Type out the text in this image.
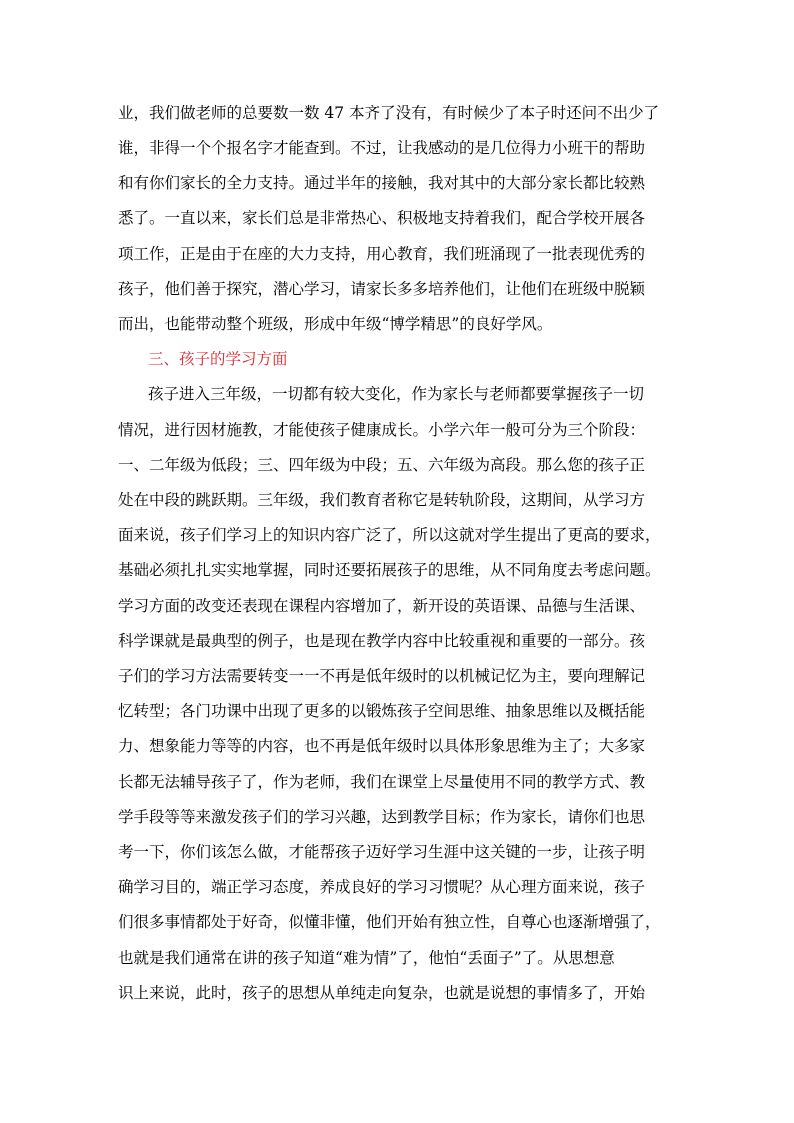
业，我们做老师的总要数一数 47 本齐了没有，有时候少了本子时还问不出少了
谁，非得一个个报名字才能查到。不过，让我感动的是几位得力小班干的帮助
和有你们家长的全力支持。通过半年的接触，我对其中的大部分家长都比较熟
悉了。一直以来，家长们总是非常热心、积极地支持着我们，配合学校开展各
项工作，正是由于在座的大力支持，用心教育，我们班涌现了一批表现优秀的
孩子，他们善于探究，潜心学习，请家长多多培养他们，让他们在班级中脱颖
而出，也能带动整个班级，形成中年级“博学精思”的良好学风。
三、孩子的学习方面
孩子进入三年级，一切都有较大变化，作为家长与老师都要掌握孩子一切
情况，进行因材施教，才能使孩子健康成长。小学六年一般可分为三个阶段：
一、二年级为低段；三、四年级为中段；五、六年级为高段。那么您的孩子正
处在中段的跳跃期。三年级，我们教育者称它是转轨阶段，这期间，从学习方
面来说，孩子们学习上的知识内容广泛了，所以这就对学生提出了更高的要求，
基础必须扎扎实实地掌握，同时还要拓展孩子的思维，从不同角度去考虑问题。
学习方面的改变还表现在课程内容增加了，新开设的英语课、品德与生活课、
科学课就是最典型的例子，也是现在教学内容中比较重视和重要的一部分。孩
子们的学习方法需要转变一一不再是低年级时的以机械记忆为主，要向理解记
忆转型；各门功课中出现了更多的以锻炼孩子空间思维、抽象思维以及概括能
力、想象能力等等的内容，也不再是低年级时以具体形象思维为主了；大多家
长都无法辅导孩子了，作为老师，我们在课堂上尽量使用不同的教学方式、教
学手段等等来激发孩子们的学习兴趣，达到教学目标；作为家长，请你们也思
考一下，你们该怎么做，才能帮孩子迈好学习生涯中这关键的一步，让孩子明
确学习目的，端正学习态度，养成良好的学习习惯呢？从心理方面来说，孩子
们很多事情都处于好奇，似懂非懂，他们开始有独立性，自尊心也逐渐增强了，
也就是我们通常在讲的孩子知道“难为情”了，他怕“丢面子”了。从思想意
识上来说，此时，孩子的思想从单纯走向复杂，也就是说想的事情多了，开始
